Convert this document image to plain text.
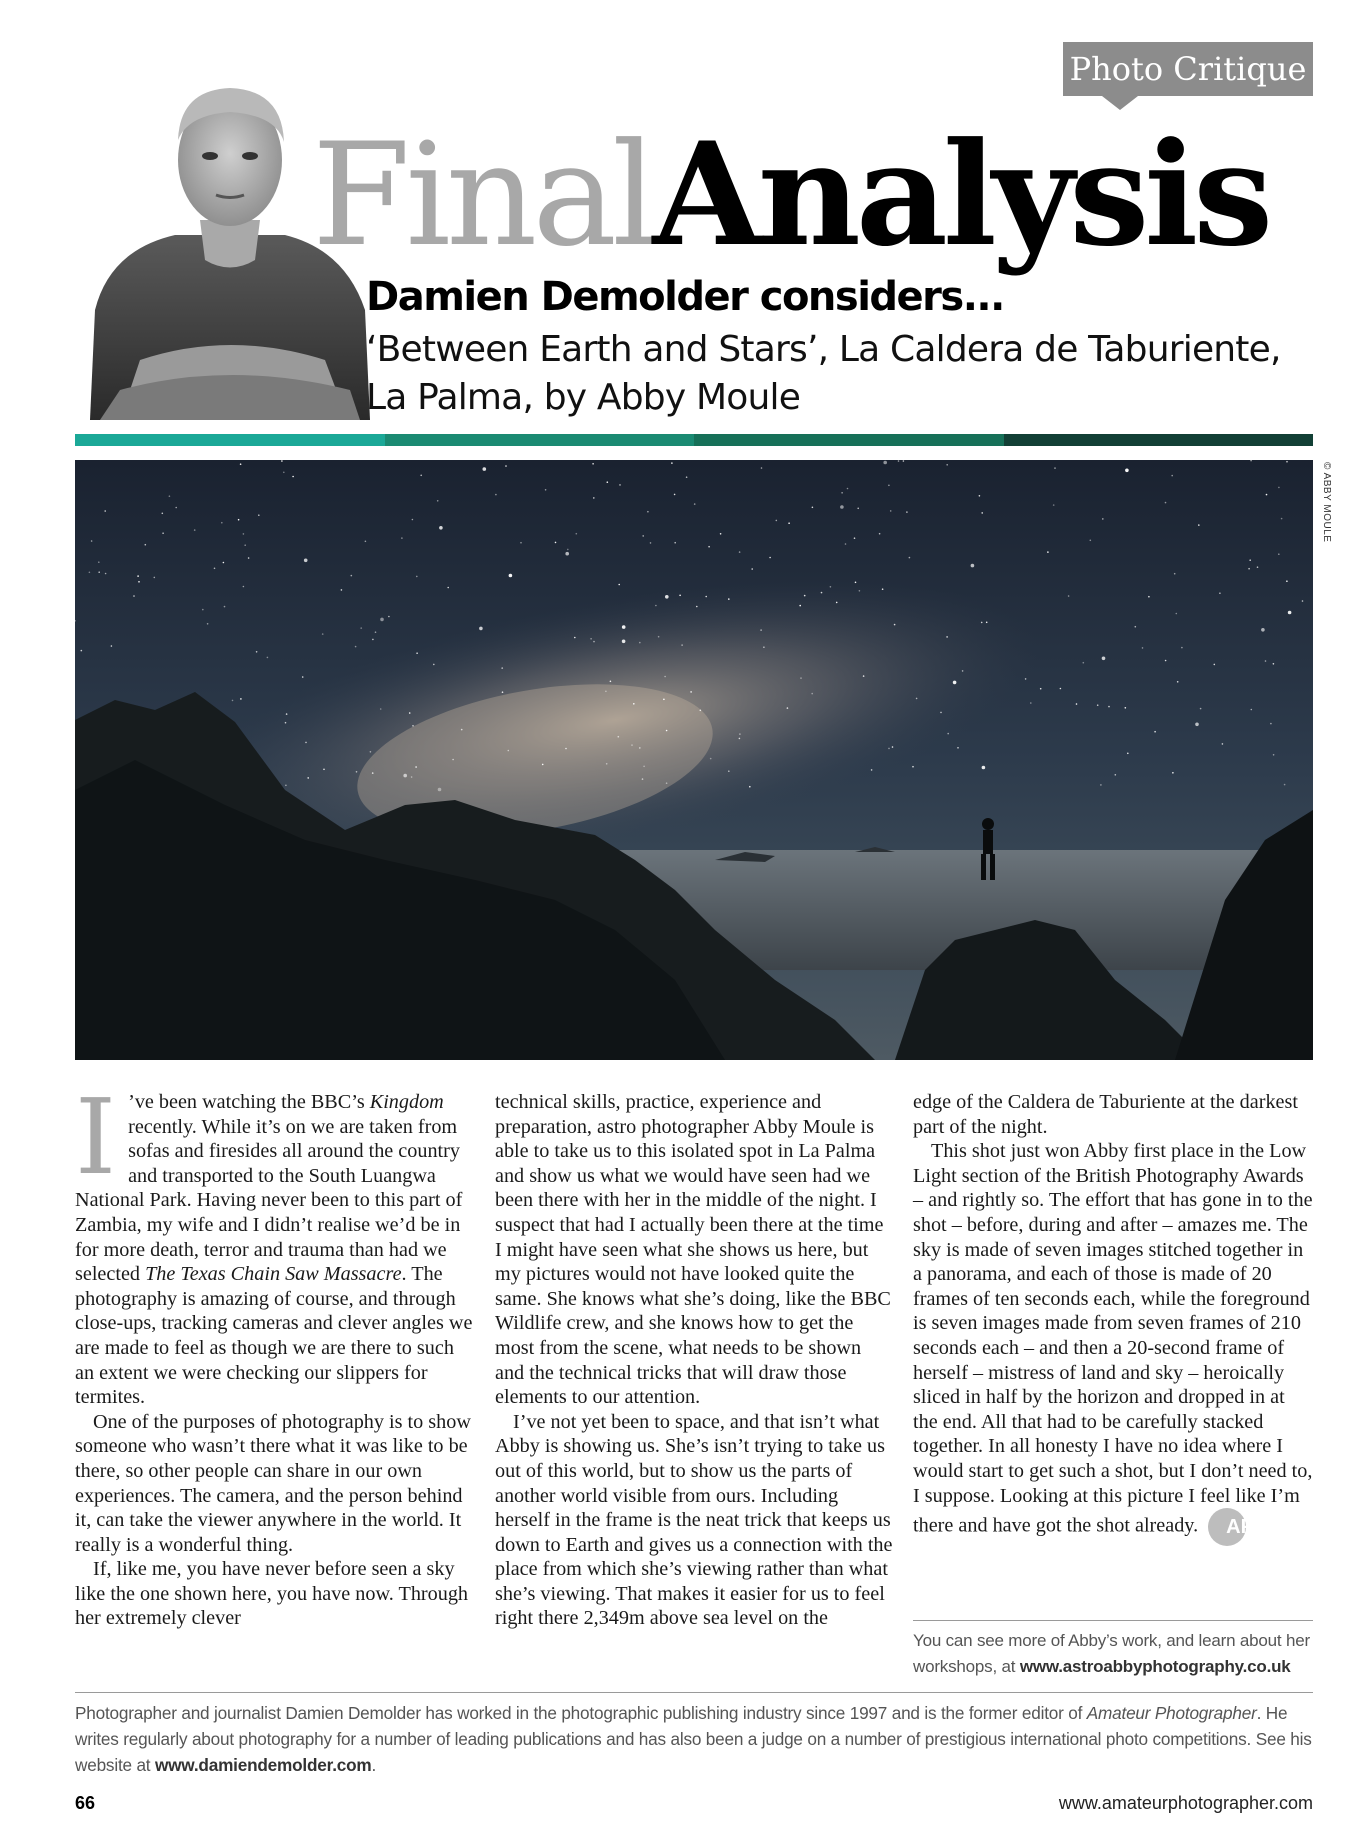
Photo Critique
FinalAnalysis
Damien Demolder considers...
‘Between Earth and Stars’, La Caldera de Taburiente, La Palma, by Abby Moule
© ABBY MOULE

I ’ve been watching the BBC’s Kingdom recently. While it’s on we are taken from sofas and firesides all around the country and transported to the South Luangwa National Park. Having never been to this part of Zambia, my wife and I didn’t realise we’d be in for more death, terror and trauma than had we selected The Texas Chain Saw Massacre. The photography is amazing of course, and through close-ups, tracking cameras and clever angles we are made to feel as though we are there to such an extent we were checking our slippers for termites.

One of the purposes of photography is to show someone who wasn’t there what it was like to be there, so other people can share in our own experiences. The camera, and the person behind it, can take the viewer anywhere in the world. It really is a wonderful thing.

If, like me, you have never before seen a sky like the one shown here, you have now. Through her extremely clever

technical skills, practice, experience and preparation, astro photographer Abby Moule is able to take us to this isolated spot in La Palma and show us what we would have seen had we been there with her in the middle of the night. I suspect that had I actually been there at the time I might have seen what she shows us here, but my pictures would not have looked quite the same. She knows what she’s doing, like the BBC Wildlife crew, and she knows how to get the most from the scene, what needs to be shown and the technical tricks that will draw those elements to our attention.

I’ve not yet been to space, and that isn’t what Abby is showing us. She’s isn’t trying to take us out of this world, but to show us the parts of another world visible from ours. Including herself in the frame is the neat trick that keeps us down to Earth and gives us a connection with the place from which she’s viewing rather than what she’s viewing. That makes it easier for us to feel right there 2,349m above sea level on the

edge of the Caldera de Taburiente at the darkest part of the night.

This shot just won Abby first place in the Low Light section of the British Photography Awards – and rightly so. The effort that has gone in to the shot – before, during and after – amazes me. The sky is made of seven images stitched together in a panorama, and each of those is made of 20 frames of ten seconds each, while the foreground is seven images made from seven frames of 210 seconds each – and then a 20-second frame of herself – mistress of land and sky – heroically sliced in half by the horizon and dropped in at the end. All that had to be carefully stacked together. In all honesty I have no idea where I would start to get such a shot, but I don’t need to, I suppose. Looking at this picture I feel like I’m there and have got the shot already. AP

You can see more of Abby’s work, and learn about her workshops, at www.astroabbyphotography.co.uk
Photographer and journalist Damien Demolder has worked in the photographic publishing industry since 1997 and is the former editor of Amateur Photographer. He writes regularly about photography for a number of leading publications and has also been a judge on a number of prestigious international photo competitions. See his website at www.damiendemolder.com.
66	www.amateurphotographer.com
